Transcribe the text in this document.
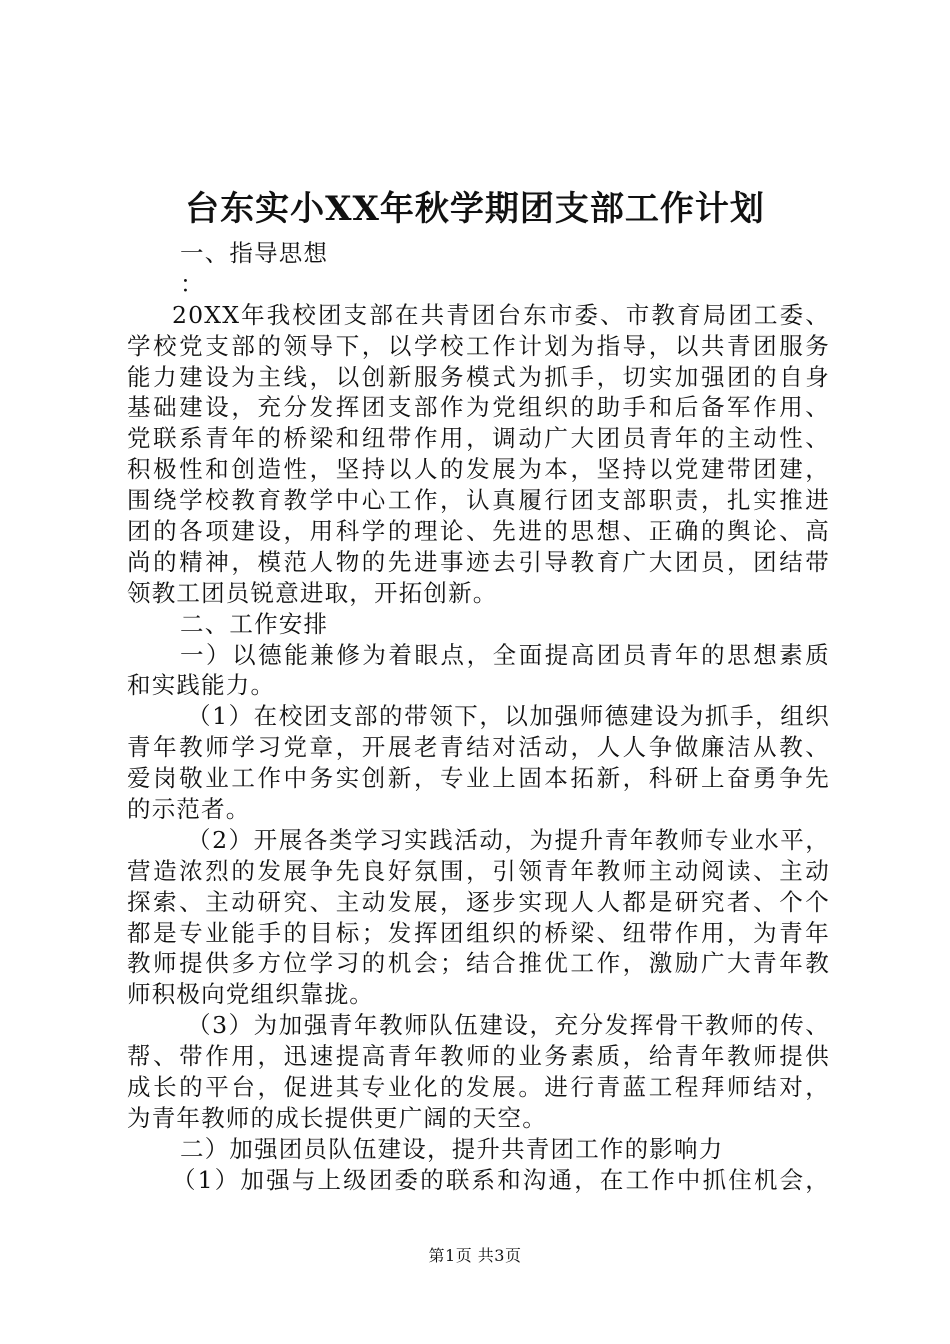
台东实小XX年秋学期团支部工作计划
一、指导思想
：
20XX年我校团支部在共青团台东市委、市教育局团工委、
学校党支部的领导下，以学校工作计划为指导，以共青团服务
能力建设为主线，以创新服务模式为抓手，切实加强团的自身
基础建设，充分发挥团支部作为党组织的助手和后备军作用、
党联系青年的桥梁和纽带作用，调动广大团员青年的主动性、
积极性和创造性，坚持以人的发展为本，坚持以党建带团建，
围绕学校教育教学中心工作，认真履行团支部职责，扎实推进
团的各项建设，用科学的理论、先进的思想、正确的舆论、高
尚的精神，模范人物的先进事迹去引导教育广大团员，团结带
领教工团员锐意进取，开拓创新。
二、工作安排
一）以德能兼修为着眼点，全面提高团员青年的思想素质
和实践能力。
（1）在校团支部的带领下，以加强师德建设为抓手，组织
青年教师学习党章，开展老青结对活动，人人争做廉洁从教、
爱岗敬业工作中务实创新，专业上固本拓新，科研上奋勇争先
的示范者。
（2）开展各类学习实践活动，为提升青年教师专业水平，
营造浓烈的发展争先良好氛围，引领青年教师主动阅读、主动
探索、主动研究、主动发展，逐步实现人人都是研究者、个个
都是专业能手的目标；发挥团组织的桥梁、纽带作用，为青年
教师提供多方位学习的机会；结合推优工作，激励广大青年教
师积极向党组织靠拢。
（3）为加强青年教师队伍建设，充分发挥骨干教师的传、
帮、带作用，迅速提高青年教师的业务素质，给青年教师提供
成长的平台，促进其专业化的发展。进行青蓝工程拜师结对，
为青年教师的成长提供更广阔的天空。
二）加强团员队伍建设，提升共青团工作的影响力
（1）加强与上级团委的联系和沟通，在工作中抓住机会，
第1页 共3页
